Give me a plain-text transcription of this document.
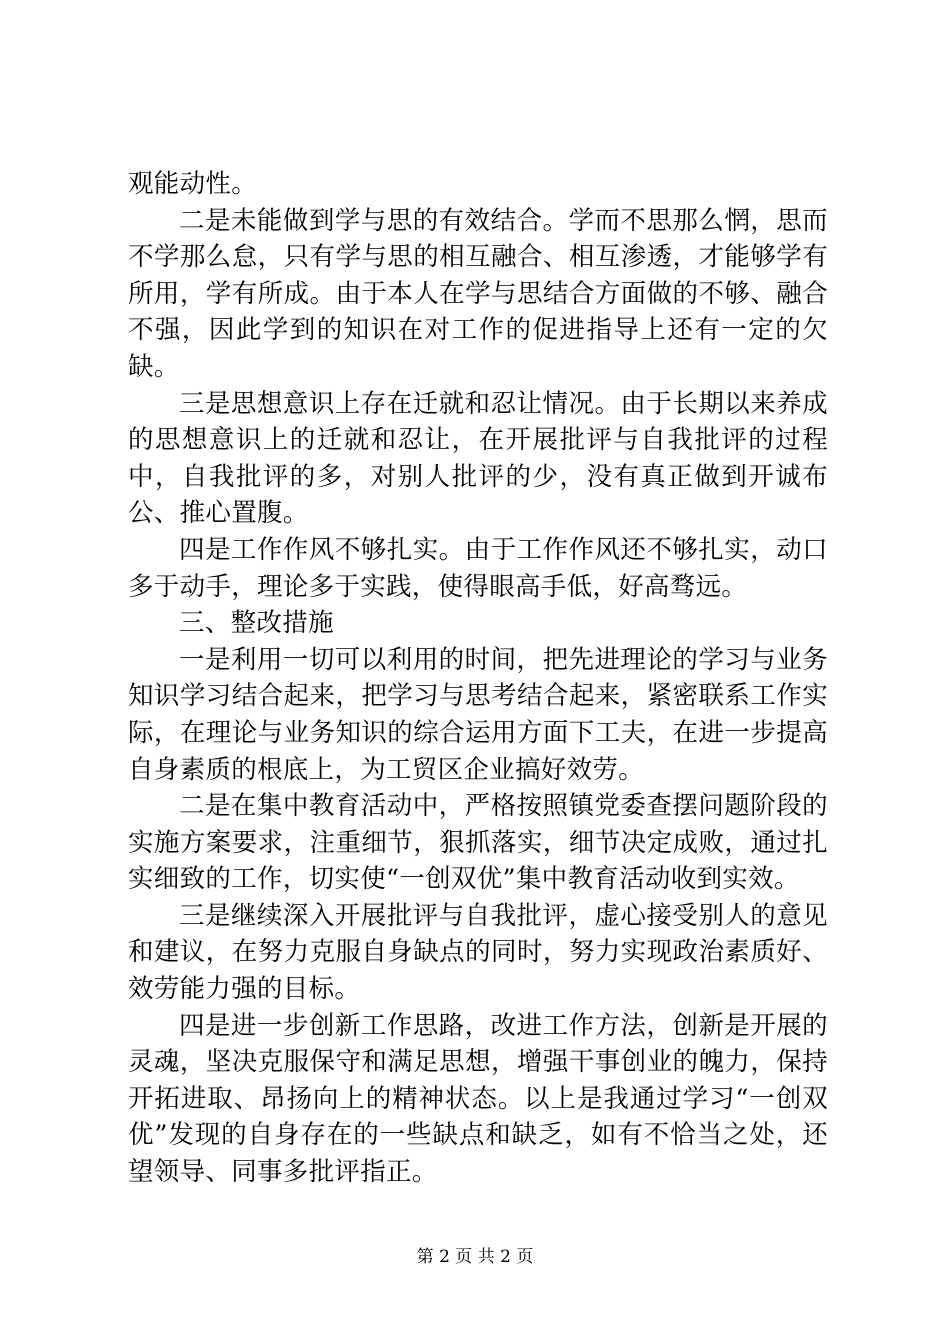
观能动性。

二是未能做到学与思的有效结合。学而不思那么惘，思而不学那么怠，只有学与思的相互融合、相互渗透，才能够学有所用，学有所成。由于本人在学与思结合方面做的不够、融合不强，因此学到的知识在对工作的促进指导上还有一定的欠缺。

三是思想意识上存在迁就和忍让情况。由于长期以来养成的思想意识上的迁就和忍让，在开展批评与自我批评的过程中，自我批评的多，对别人批评的少，没有真正做到开诚布公、推心置腹。

四是工作作风不够扎实。由于工作作风还不够扎实，动口多于动手，理论多于实践，使得眼高手低，好高骛远。

三、整改措施

一是利用一切可以利用的时间，把先进理论的学习与业务知识学习结合起来，把学习与思考结合起来，紧密联系工作实际，在理论与业务知识的综合运用方面下工夫，在进一步提高自身素质的根底上，为工贸区企业搞好效劳。

二是在集中教育活动中，严格按照镇党委查摆问题阶段的实施方案要求，注重细节，狠抓落实，细节决定成败，通过扎实细致的工作，切实使“一创双优”集中教育活动收到实效。

三是继续深入开展批评与自我批评，虚心接受别人的意见和建议，在努力克服自身缺点的同时，努力实现政治素质好、效劳能力强的目标。

四是进一步创新工作思路，改进工作方法，创新是开展的灵魂，坚决克服保守和满足思想，增强干事创业的魄力，保持开拓进取、昂扬向上的精神状态。以上是我通过学习“一创双优”发现的自身存在的一些缺点和缺乏，如有不恰当之处，还望领导、同事多批评指正。

第 2 页 共 2 页
